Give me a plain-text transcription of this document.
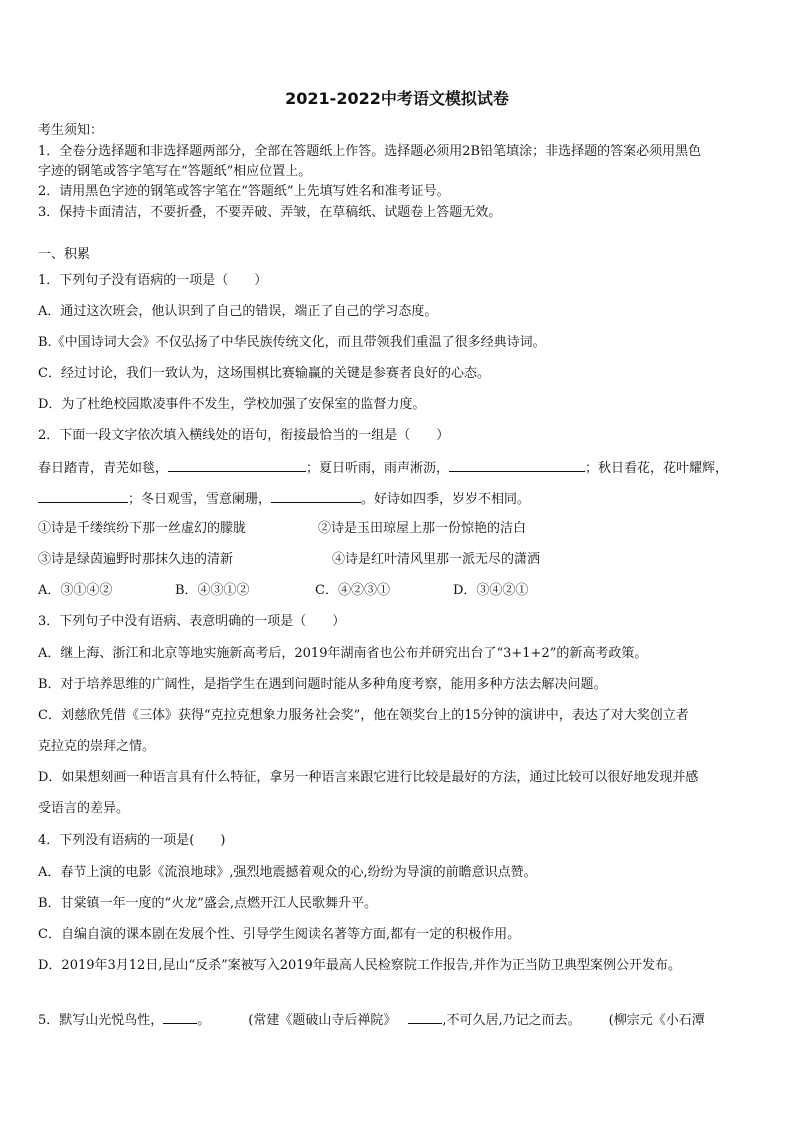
2021-2022中考语文模拟试卷
考生须知：
1．全卷分选择题和非选择题两部分，全部在答题纸上作答。选择题必须用2B铅笔填涂；非选择题的答案必须用黑色
字迹的钢笔或答字笔写在“答题纸”相应位置上。
2．请用黑色字迹的钢笔或答字笔在“答题纸”上先填写姓名和准考证号。
3．保持卡面清洁，不要折叠，不要弄破、弄皱，在草稿纸、试题卷上答题无效。
一、积累
1．下列句子没有语病的一项是（　　）
A．通过这次班会，他认识到了自己的错误，端正了自己的学习态度。
B.《中国诗词大会》不仅弘扬了中华民族传统文化，而且带领我们重温了很多经典诗词。
C．经过讨论，我们一致认为，这场围棋比赛输赢的关键是参赛者良好的心态。
D．为了杜绝校园欺凌事件不发生，学校加强了安保室的监督力度。
2．下面一段文字依次填入横线处的语句，衔接最恰当的一组是（　　）
春日踏青，青芜如毯，	；夏日听雨，雨声淅沥，	；秋日看花，花叶耀辉，
；冬日观雪，雪意阑珊，	。好诗如四季，岁岁不相同。
①诗是千缕缤纷下那一丝虚幻的朦胧	②诗是玉田琼屋上那一份惊艳的洁白
③诗是绿茵遍野时那抹久违的清新	④诗是红叶清风里那一派无尽的潇洒
A．③①④②	B．④③①②	C．④②③①	D．③④②①
3．下列句子中没有语病、表意明确的一项是（　　）
A．继上海、浙江和北京等地实施新高考后，2019年湖南省也公布并研究出台了“3+1+2”的新高考政策。
B．对于培养思维的广阔性，是指学生在遇到问题时能从多种角度考察，能用多种方法去解决问题。
C．刘慈欣凭借《三体》获得“克拉克想象力服务社会奖”，他在领奖台上的15分钟的演讲中，表达了对大奖创立者
克拉克的崇拜之情。
D．如果想刻画一种语言具有什么特征，拿另一种语言来跟它进行比较是最好的方法，通过比较可以很好地发现并感
受语言的差异。
4．下列没有语病的一项是(　　)
A．春节上演的电影《流浪地球》,强烈地震撼着观众的心,纷纷为导演的前瞻意识点赞。
B．甘棠镇一年一度的“火龙”盛会,点燃开江人民歌舞升平。
C．自编自演的课本剧在发展个性、引导学生阅读名著等方面,都有一定的积极作用。
D．2019年3月12日,昆山“反杀”案被写入2019年最高人民检察院工作报告,并作为正当防卫典型案例公开发布。
5．默写山光悦鸟性，	。	(常建《题破山寺后禅院》	,不可久居,乃记之而去。 (柳宗元《小石潭
